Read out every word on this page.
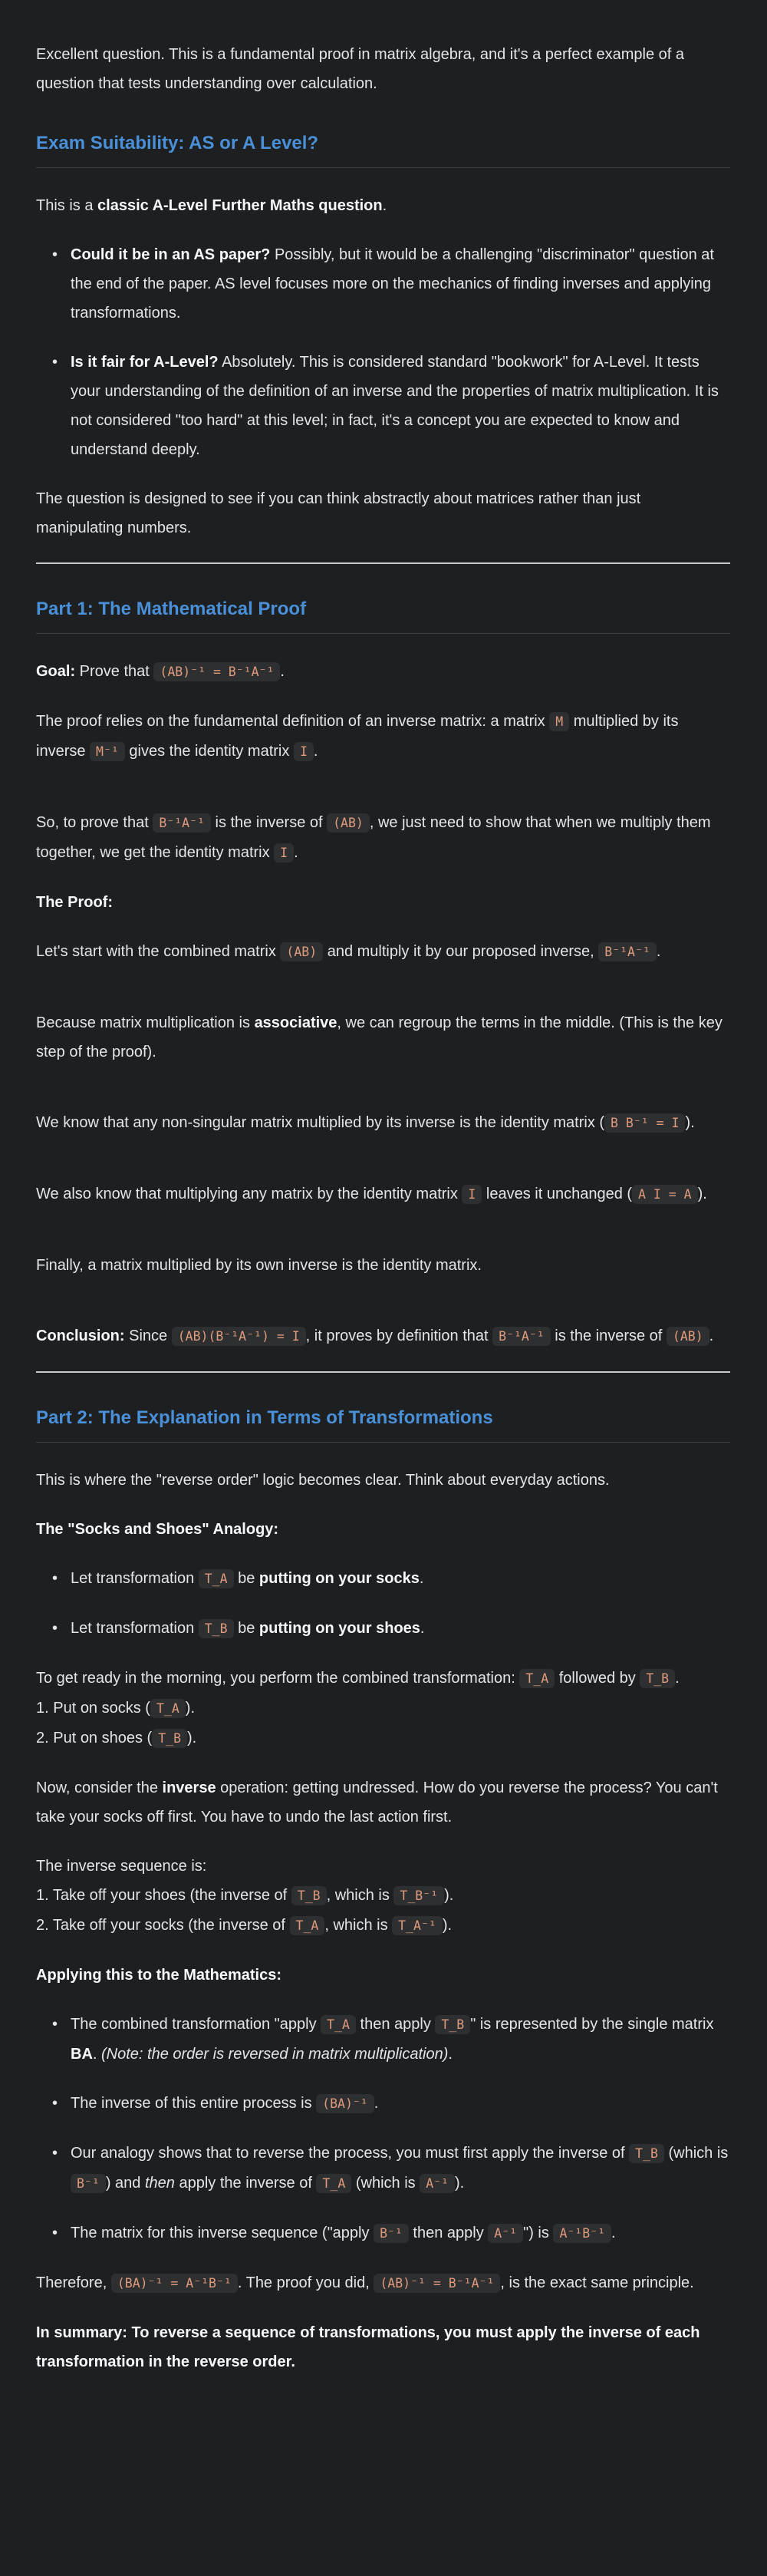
Excellent question. This is a fundamental proof in matrix algebra, and it's a perfect example of a question that tests understanding over calculation.

Exam Suitability: AS or A Level?

This is a classic A-Level Further Maths question.

• Could it be in an AS paper? Possibly, but it would be a challenging "discriminator" question at the end of the paper. AS level focuses more on the mechanics of finding inverses and applying transformations.
• Is it fair for A-Level? Absolutely. This is considered standard "bookwork" for A-Level. It tests your understanding of the definition of an inverse and the properties of matrix multiplication. It is not considered "too hard" at this level; in fact, it's a concept you are expected to know and understand deeply.

The question is designed to see if you can think abstractly about matrices rather than just manipulating numbers.

Part 1: The Mathematical Proof

Goal: Prove that (AB)⁻¹ = B⁻¹A⁻¹ .

The proof relies on the fundamental definition of an inverse matrix: a matrix M multiplied by its inverse M⁻¹ gives the identity matrix I .

So, to prove that B⁻¹A⁻¹ is the inverse of (AB) , we just need to show that when we multiply them together, we get the identity matrix I .

The Proof:

Let's start with the combined matrix (AB) and multiply it by our proposed inverse, B⁻¹A⁻¹ .

Because matrix multiplication is associative, we can regroup the terms in the middle. (This is the key step of the proof).

We know that any non-singular matrix multiplied by its inverse is the identity matrix ( B B⁻¹ = I ).

We also know that multiplying any matrix by the identity matrix I leaves it unchanged ( A I = A ).

Finally, a matrix multiplied by its own inverse is the identity matrix.

Conclusion: Since (AB)(B⁻¹A⁻¹) = I , it proves by definition that B⁻¹A⁻¹ is the inverse of (AB) .

Part 2: The Explanation in Terms of Transformations

This is where the "reverse order" logic becomes clear. Think about everyday actions.

The "Socks and Shoes" Analogy:

• Let transformation T_A be putting on your socks.
• Let transformation T_B be putting on your shoes.

To get ready in the morning, you perform the combined transformation: T_A followed by T_B .
1. Put on socks ( T_A ).
2. Put on shoes ( T_B ).

Now, consider the inverse operation: getting undressed. How do you reverse the process? You can't take your socks off first. You have to undo the last action first.

The inverse sequence is:
1. Take off your shoes (the inverse of T_B , which is T_B⁻¹ ).
2. Take off your socks (the inverse of T_A , which is T_A⁻¹ ).

Applying this to the Mathematics:

• The combined transformation "apply T_A then apply T_B " is represented by the single matrix BA. (Note: the order is reversed in matrix multiplication).
• The inverse of this entire process is (BA)⁻¹ .
• Our analogy shows that to reverse the process, you must first apply the inverse of T_B (which is B⁻¹ ) and then apply the inverse of T_A (which is A⁻¹ ).
• The matrix for this inverse sequence ("apply B⁻¹ then apply A⁻¹ ") is A⁻¹B⁻¹ .

Therefore, (BA)⁻¹ = A⁻¹B⁻¹ . The proof you did, (AB)⁻¹ = B⁻¹A⁻¹ , is the exact same principle.

In summary: To reverse a sequence of transformations, you must apply the inverse of each transformation in the reverse order.
